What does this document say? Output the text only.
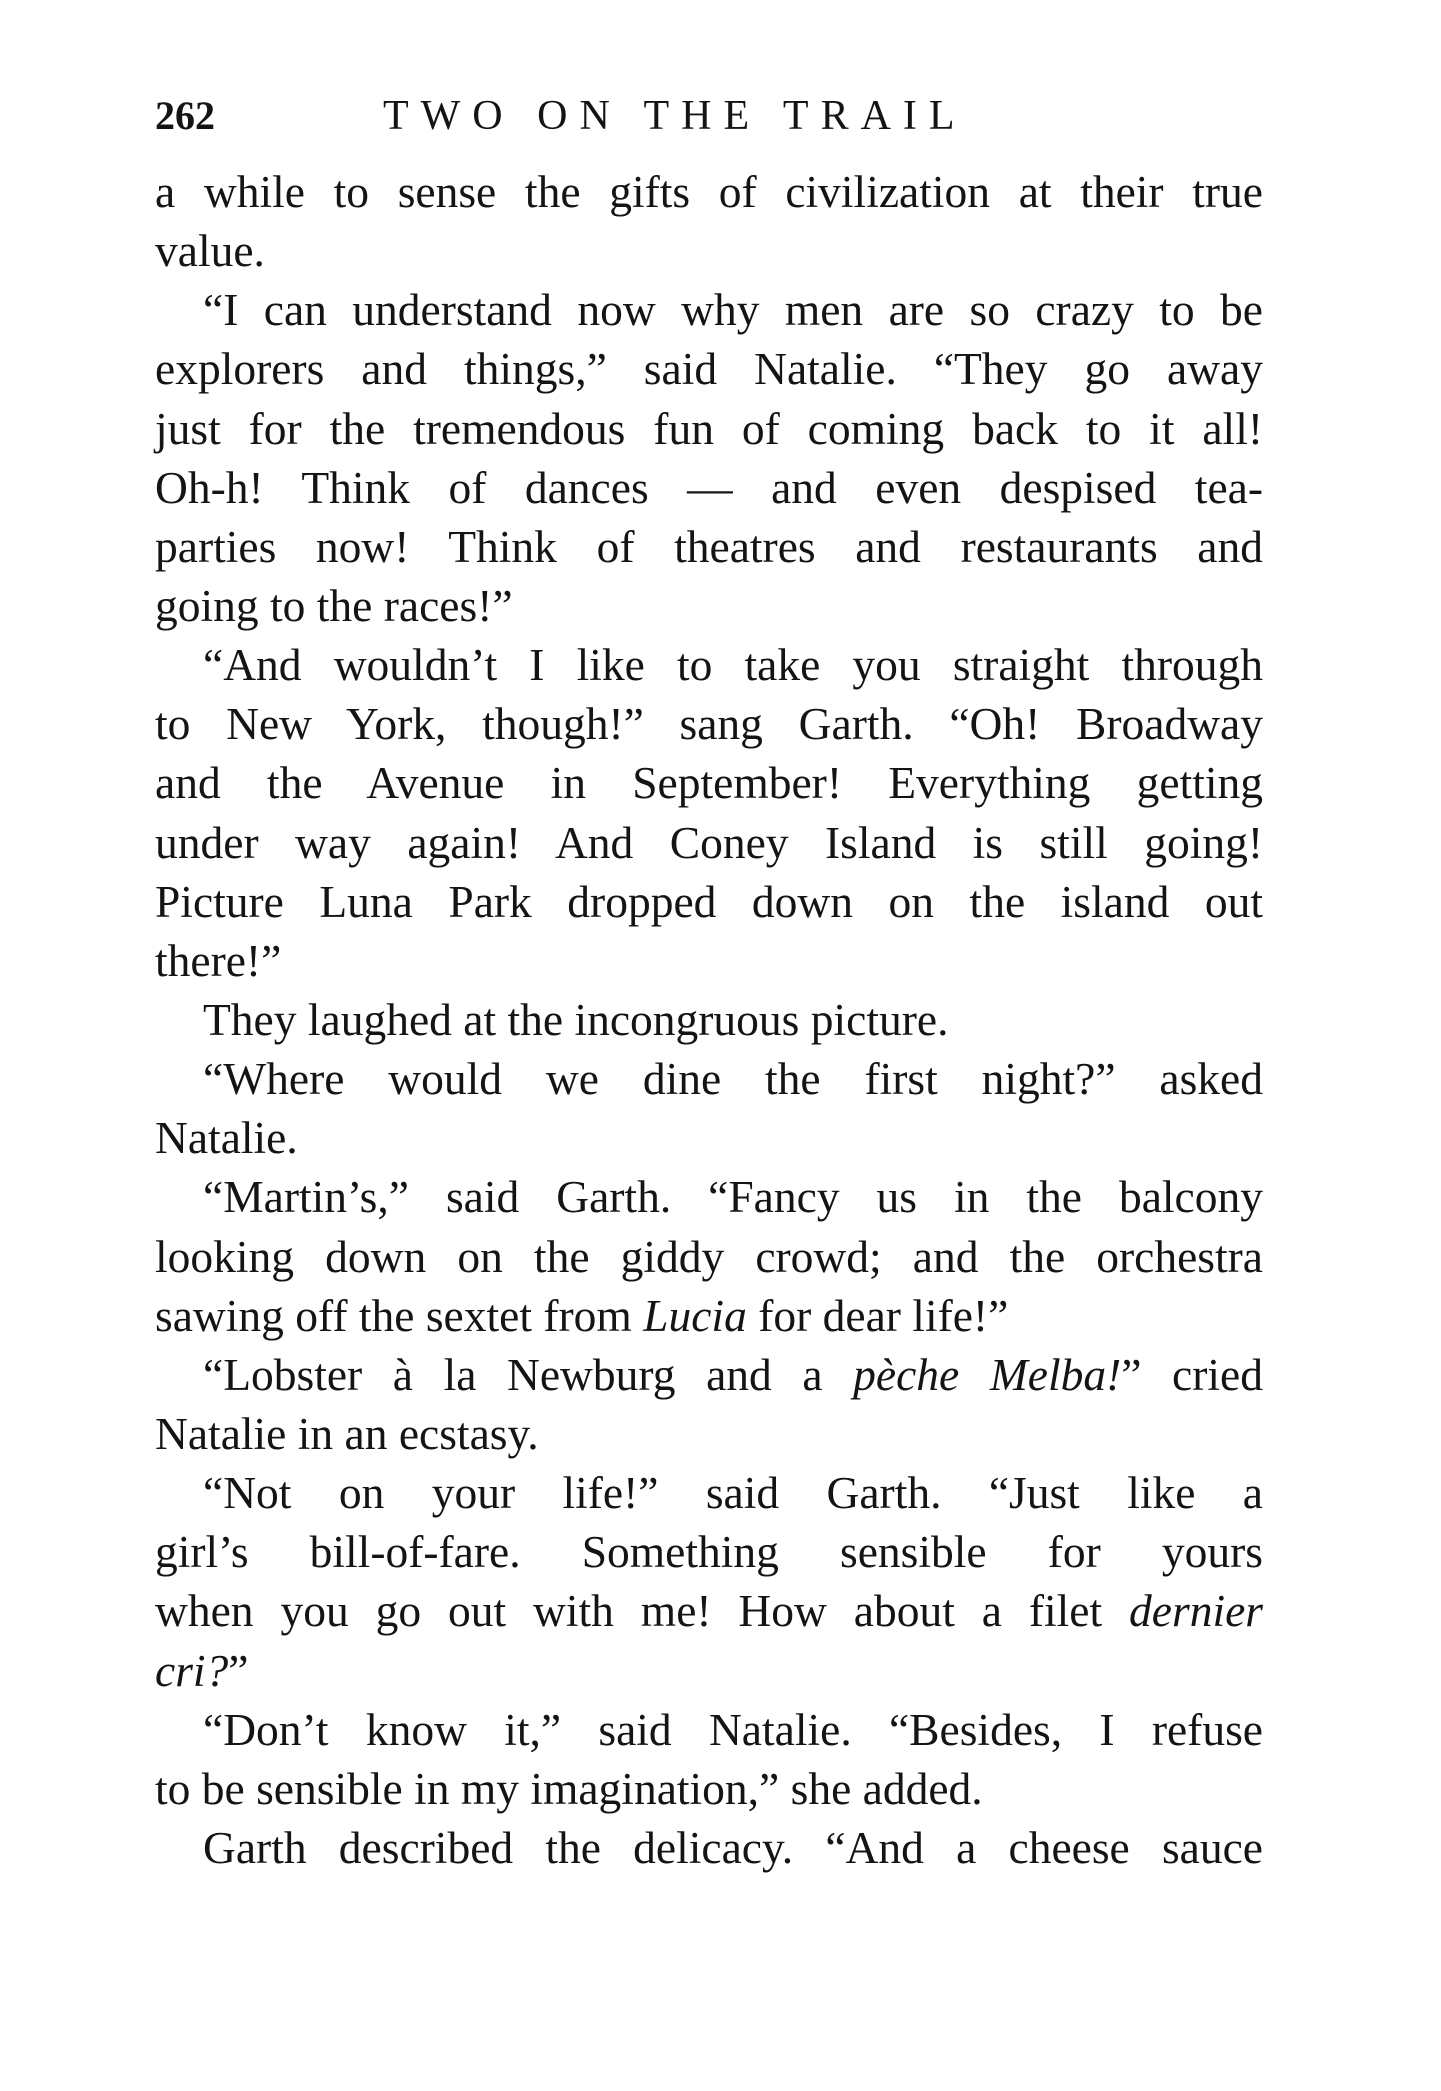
262	TWO ON THE TRAIL
a while to sense the gifts of civilization at their true
value.
“I can understand now why men are so crazy to be
explorers and things,” said Natalie. “They go away
just for the tremendous fun of coming back to it all!
Oh-h! Think of dances — and even despised tea-
parties now! Think of theatres and restaurants and
going to the races!”
“And wouldn’t I like to take you straight through
to New York, though!” sang Garth. “Oh! Broadway
and the Avenue in September! Everything getting
under way again! And Coney Island is still going!
Picture Luna Park dropped down on the island out
there!”
They laughed at the incongruous picture.
“Where would we dine the first night?” asked
Natalie.
“Martin’s,” said Garth. “Fancy us in the balcony
looking down on the giddy crowd; and the orchestra
sawing off the sextet from Lucia for dear life!”
“Lobster à la Newburg and a pèche Melba!” cried
Natalie in an ecstasy.
“Not on your life!” said Garth. “Just like a
girl’s bill-of-fare. Something sensible for yours
when you go out with me! How about a filet dernier
cri?”
“Don’t know it,” said Natalie. “Besides, I refuse
to be sensible in my imagination,” she added.
Garth described the delicacy. “And a cheese sauce
